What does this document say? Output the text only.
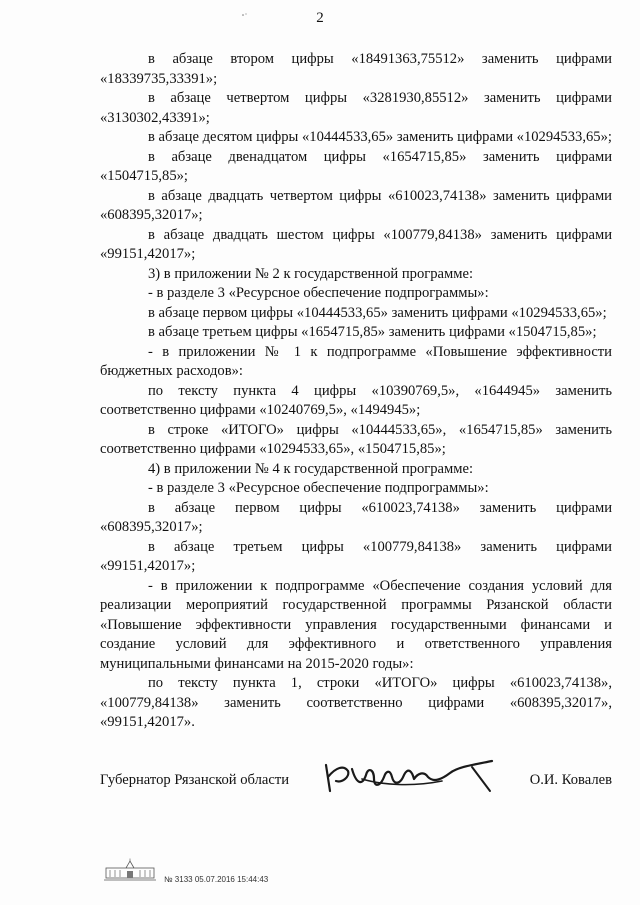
2

в абзаце втором цифры «18491363,75512» заменить цифрами «18339735,33391»;

в абзаце четвертом цифры «3281930,85512» заменить цифрами «3130302,43391»;

в абзаце десятом цифры «10444533,65» заменить цифрами «10294533,65»;

в абзаце двенадцатом цифры «1654715,85» заменить цифрами «1504715,85»;

в абзаце двадцать четвертом цифры «610023,74138» заменить цифрами «608395,32017»;

в абзаце двадцать шестом цифры «100779,84138» заменить цифрами «99151,42017»;

3) в приложении № 2 к государственной программе:

- в разделе 3 «Ресурсное обеспечение подпрограммы»:

в абзаце первом цифры «10444533,65» заменить цифрами «10294533,65»;

в абзаце третьем цифры «1654715,85» заменить цифрами «1504715,85»;

- в приложении № 1 к подпрограмме «Повышение эффективности бюджетных расходов»:

по тексту пункта 4 цифры «10390769,5», «1644945» заменить соответственно цифрами «10240769,5», «1494945»;

в строке «ИТОГО» цифры «10444533,65», «1654715,85» заменить соответственно цифрами «10294533,65», «1504715,85»;

4) в приложении № 4 к государственной программе:

- в разделе 3 «Ресурсное обеспечение подпрограммы»:

в абзаце первом цифры «610023,74138» заменить цифрами «608395,32017»;

в абзаце третьем цифры «100779,84138» заменить цифрами «99151,42017»;

- в приложении к подпрограмме «Обеспечение создания условий для реализации мероприятий государственной программы Рязанской области «Повышение эффективности управления государственными финансами и создание условий для эффективного и ответственного управления муниципальными финансами на 2015-2020 годы»:

по тексту пункта 1, строки «ИТОГО» цифры «610023,74138», «100779,84138» заменить соответственно цифрами «608395,32017», «99151,42017».

Губернатор Рязанской области	О.И. Ковалев
№ 3133 05.07.2016 15:44:43
